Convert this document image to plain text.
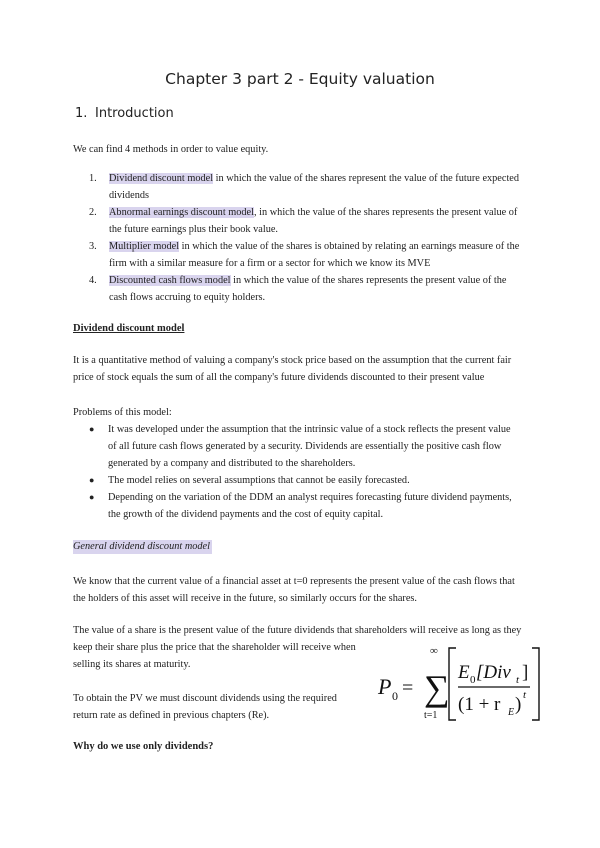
Chapter 3 part 2 - Equity valuation
1. Introduction
We can find 4 methods in order to value equity.
1. Dividend discount model in which the value of the shares represent the value of the future expected
dividends
2. Abnormal earnings discount model, in which the value of the shares represents the present value of
the future earnings plus their book value.
3. Multiplier model in which the value of the shares is obtained by relating an earnings measure of the
firm with a similar measure for a firm or a sector for which we know its MVE
4. Discounted cash flows model in which the value of the shares represents the present value of the
cash flows accruing to equity holders.
Dividend discount model
It is a quantitative method of valuing a company's stock price based on the assumption that the current fair
price of stock equals the sum of all the company's future dividends discounted to their present value
Problems of this model:
● It was developed under the assumption that the intrinsic value of a stock reflects the present value
of all future cash flows generated by a security. Dividends are essentially the positive cash flow
generated by a company and distributed to the shareholders.
● The model relies on several assumptions that cannot be easily forecasted.
● Depending on the variation of the DDM an analyst requires forecasting future dividend payments,
the growth of the dividend payments and the cost of equity capital.
General dividend discount model
We know that the current value of a financial asset at t=0 represents the present value of the cash flows that
the holders of this asset will receive in the future, so similarly occurs for the shares.
The value of a share is the present value of the future dividends that shareholders will receive as long as they
keep their share plus the price that the shareholder will receive when
selling its shares at maturity.
To obtain the PV we must discount dividends using the required
return rate as defined in previous chapters (Re).
Why do we use only dividends?
P 0 = ∑
∞
t=1
E 0 [Div t ]
(1 + r E ) t
